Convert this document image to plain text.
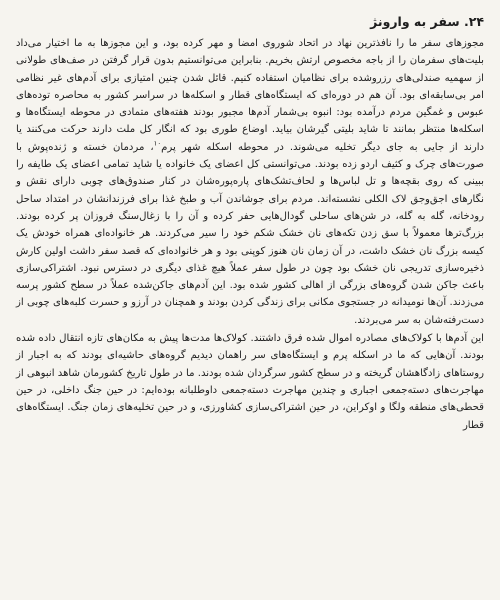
۲۴. سفر به وارونژ

مجوزهای سفر ما را نافذترین نهاد در اتحاد شوروی امضا و مهر کرده بود، و این مجوزها به ما اختیار می‌داد بلیت‌های سفرمان را از باجه مخصوص ارتش بخریم. بنابراین می‌توانستیم بدون قرار گرفتن در صف‌های طولانی از سهمیه صندلی‌های رزروشده برای نظامیان استفاده کنیم. قائل شدن چنین امتیازی برای آدم‌های غیر نظامی امر بی‌سابقه‌ای بود. آن هم در دوره‌ای که ایستگاه‌های قطار و اسکله‌ها در سراسر کشور به محاصره توده‌های عبوس و غمگین مردم درآمده بود: انبوه بی‌شمار آدم‌ها مجبور بودند هفته‌های متمادی در محوطه ایستگاه‌ها و اسکله‌ها منتظر بمانند تا شاید بلیتی گیرشان بیاید. اوضاع طوری بود که انگار کل ملت دارند حرکت می‌کنند یا دارند از جایی به جای دیگر تخلیه می‌شوند. در محوطه اسکله شهر پرم$^{۱۰}$، مردمان خسته و ژنده‌پوش با صورت‌های چرک و کثیف اردو زده بودند. می‌توانستی کل اعضای یک خانواده یا شاید تمامی اعضای یک طایفه را ببینی که روی بقچه‌ها و تل لباس‌ها و لحاف‌تشک‌های پاره‌پوره‌شان در کنار صندوق‌های چوبی دارای نقش و نگارهای اجق‌وجق لاک الکلی نشسته‌اند. مردم برای جوشاندن آب و طبخ غذا برای فرزندانشان در امتداد ساحل رودخانه، گله به گله، در شن‌های ساحلی گودال‌هایی حفر کرده و آن را با زغال‌سنگ فروزان پر کرده بودند. بزرگ‌ترها معمولاً با سق زدن تکه‌های نان خشک شکم خود را سیر می‌کردند. هر خانواده‌ای همراه خودش یک کیسه بزرگ نان خشک داشت، در آن زمان نان هنوز کوپنی بود و هر خانواده‌ای که قصد سفر داشت اولین کارش ذخیره‌سازی تدریجی نان خشک بود چون در طول سفر عملاً هیچ غذای دیگری در دسترس نبود. اشتراکی‌سازی باعث جاکن شدن گروه‌های بزرگی از اهالی کشور شده بود. این آدم‌های جاکن‌شده عملاً در سطح کشور پرسه می‌زدند. آن‌ها نومیدانه در جستجوی مکانی برای زندگی کردن بودند و همچنان در آرزو و حسرت کلبه‌های چوبی از دست‌رفته‌شان به سر می‌بردند.

این آدم‌ها با کولاک‌های مصادره اموال شده فرق داشتند. کولاک‌ها مدت‌ها پیش به مکان‌های تازه انتقال داده شده بودند. آن‌هایی که ما در اسکله پرم و ایستگاه‌های سر راهمان دیدیم گروه‌های حاشیه‌ای بودند که به اجبار از روستاهای زادگاهشان گریخته و در سطح کشور سرگردان شده بودند. ما در طول تاریخ کشورمان شاهد انبوهی از مهاجرت‌های دسته‌جمعی اجباری و چندین مهاجرت دسته‌جمعی داوطلبانه بوده‌ایم: در حین جنگ داخلی، در حین قحطی‌های منطقه ولگا و اوکراین، در حین اشتراکی‌سازی کشاورزی، و در حین تخلیه‌های زمان جنگ. ایستگاه‌های قطار
